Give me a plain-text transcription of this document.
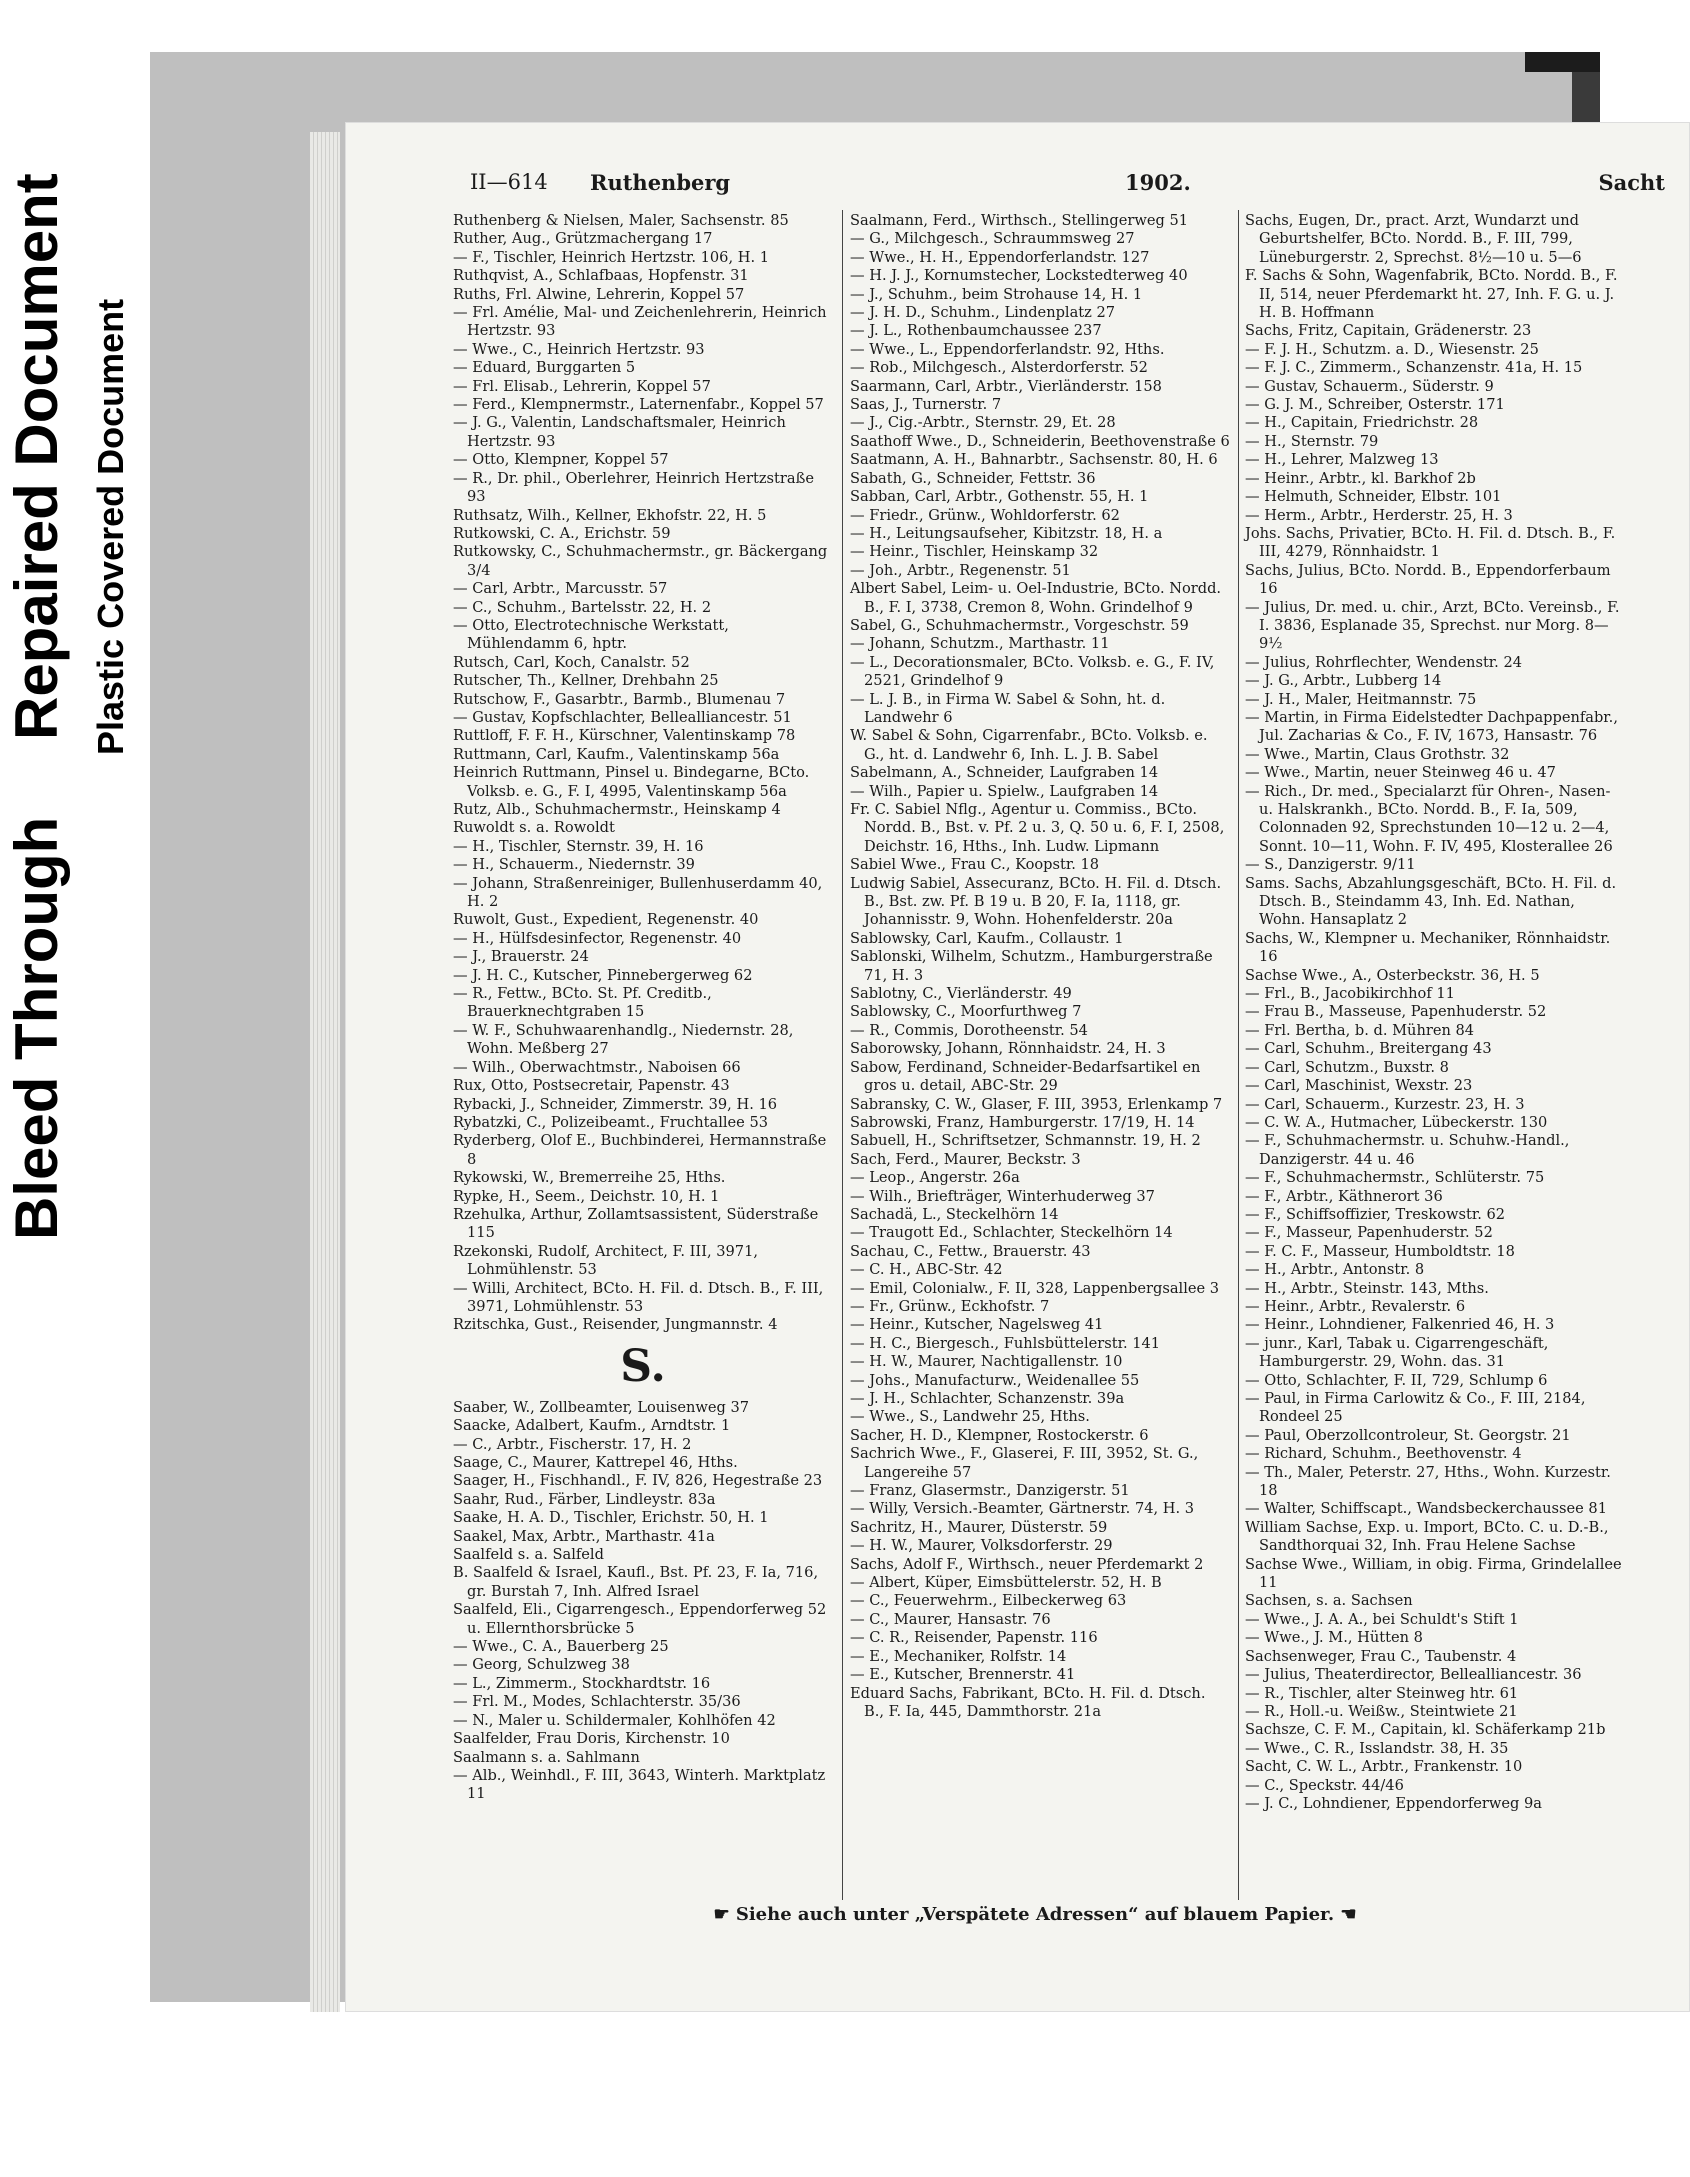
Bleed Through
Repaired Document Plastic Covered Document
II—614 Ruthenberg	1902.	Sacht

Ruthenberg & Nielsen, Maler, Sachsenstr. 85

Ruther, Aug., Grützmachergang 17

— F., Tischler, Heinrich Hertzstr. 106, H. 1

Ruthqvist, A., Schlafbaas, Hopfenstr. 31

Ruths, Frl. Alwine, Lehrerin, Koppel 57

— Frl. Amélie, Mal- und Zeichenlehrerin, Heinrich Hertzstr. 93

— Wwe., C., Heinrich Hertzstr. 93

— Eduard, Burggarten 5

— Frl. Elisab., Lehrerin, Koppel 57

— Ferd., Klempnermstr., Laternenfabr., Koppel 57

— J. G., Valentin, Landschaftsmaler, Heinrich Hertzstr. 93

— Otto, Klempner, Koppel 57

— R., Dr. phil., Oberlehrer, Heinrich Hertzstraße 93

Ruthsatz, Wilh., Kellner, Ekhofstr. 22, H. 5

Rutkowski, C. A., Erichstr. 59

Rutkowsky, C., Schuhmachermstr., gr. Bäckergang 3/4

— Carl, Arbtr., Marcusstr. 57

— C., Schuhm., Bartelsstr. 22, H. 2

— Otto, Electrotechnische Werkstatt, Mühlendamm 6, hptr.

Rutsch, Carl, Koch, Canalstr. 52

Rutscher, Th., Kellner, Drehbahn 25

Rutschow, F., Gasarbtr., Barmb., Blumenau 7

— Gustav, Kopfschlachter, Bellealliancestr. 51

Ruttloff, F. F. H., Kürschner, Valentinskamp 78

Ruttmann, Carl, Kaufm., Valentinskamp 56a

Heinrich Ruttmann, Pinsel u. Bindegarne, BCto. Volksb. e. G., F. I, 4995, Valentinskamp 56a

Rutz, Alb., Schuhmachermstr., Heinskamp 4

Ruwoldt s. a. Rowoldt

— H., Tischler, Sternstr. 39, H. 16

— H., Schauerm., Niedernstr. 39

— Johann, Straßenreiniger, Bullenhuserdamm 40, H. 2

Ruwolt, Gust., Expedient, Regenenstr. 40

— H., Hülfsdesinfector, Regenenstr. 40

— J., Brauerstr. 24

— J. H. C., Kutscher, Pinnebergerweg 62

— R., Fettw., BCto. St. Pf. Creditb., Brauerknechtgraben 15

— W. F., Schuhwaarenhandlg., Niedernstr. 28, Wohn. Meßberg 27

— Wilh., Oberwachtmstr., Naboisen 66

Rux, Otto, Postsecretair, Papenstr. 43

Rybacki, J., Schneider, Zimmerstr. 39, H. 16

Rybatzki, C., Polizeibeamt., Fruchtallee 53

Ryderberg, Olof E., Buchbinderei, Hermannstraße 8

Rykowski, W., Bremerreihe 25, Hths.

Rypke, H., Seem., Deichstr. 10, H. 1

Rzehulka, Arthur, Zollamtsassistent, Süderstraße 115

Rzekonski, Rudolf, Architect, F. III, 3971, Lohmühlenstr. 53

— Willi, Architect, BCto. H. Fil. d. Dtsch. B., F. III, 3971, Lohmühlenstr. 53

Rzitschka, Gust., Reisender, Jungmannstr. 4

S.

Saaber, W., Zollbeamter, Louisenweg 37

Saacke, Adalbert, Kaufm., Arndtstr. 1

— C., Arbtr., Fischerstr. 17, H. 2

Saage, C., Maurer, Kattrepel 46, Hths.

Saager, H., Fischhandl., F. IV, 826, Hegestraße 23

Saahr, Rud., Färber, Lindleystr. 83a

Saake, H. A. D., Tischler, Erichstr. 50, H. 1

Saakel, Max, Arbtr., Marthastr. 41a

Saalfeld s. a. Salfeld

B. Saalfeld & Israel, Kaufl., Bst. Pf. 23, F. Ia, 716, gr. Burstah 7, Inh. Alfred Israel

Saalfeld, Eli., Cigarrengesch., Eppendorferweg 52 u. Ellernthorsbrücke 5

— Wwe., C. A., Bauerberg 25

— Georg, Schulzweg 38

— L., Zimmerm., Stockhardtstr. 16

— Frl. M., Modes, Schlachterstr. 35/36

— N., Maler u. Schildermaler, Kohlhöfen 42

Saalfelder, Frau Doris, Kirchenstr. 10

Saalmann s. a. Sahlmann

— Alb., Weinhdl., F. III, 3643, Winterh. Marktplatz 11

Saalmann, Ferd., Wirthsch., Stellingerweg 51

— G., Milchgesch., Schraummsweg 27

— Wwe., H. H., Eppendorferlandstr. 127

— H. J. J., Kornumstecher, Lockstedterweg 40

— J., Schuhm., beim Strohause 14, H. 1

— J. H. D., Schuhm., Lindenplatz 27

— J. L., Rothenbaumchaussee 237

— Wwe., L., Eppendorferlandstr. 92, Hths.

— Rob., Milchgesch., Alsterdorferstr. 52

Saarmann, Carl, Arbtr., Vierländerstr. 158

Saas, J., Turnerstr. 7

— J., Cig.-Arbtr., Sternstr. 29, Et. 28

Saathoff Wwe., D., Schneiderin, Beethovenstraße 6

Saatmann, A. H., Bahnarbtr., Sachsenstr. 80, H. 6

Sabath, G., Schneider, Fettstr. 36

Sabban, Carl, Arbtr., Gothenstr. 55, H. 1

— Friedr., Grünw., Wohldorferstr. 62

— H., Leitungsaufseher, Kibitzstr. 18, H. a

— Heinr., Tischler, Heinskamp 32

— Joh., Arbtr., Regenenstr. 51

Albert Sabel, Leim- u. Oel-Industrie, BCto. Nordd. B., F. I, 3738, Cremon 8, Wohn. Grindelhof 9

Sabel, G., Schuhmachermstr., Vorgeschstr. 59

— Johann, Schutzm., Marthastr. 11

— L., Decorationsmaler, BCto. Volksb. e. G., F. IV, 2521, Grindelhof 9

— L. J. B., in Firma W. Sabel & Sohn, ht. d. Landwehr 6

W. Sabel & Sohn, Cigarrenfabr., BCto. Volksb. e. G., ht. d. Landwehr 6, Inh. L. J. B. Sabel

Sabelmann, A., Schneider, Laufgraben 14

— Wilh., Papier u. Spielw., Laufgraben 14

Fr. C. Sabiel Nflg., Agentur u. Commiss., BCto. Nordd. B., Bst. v. Pf. 2 u. 3, Q. 50 u. 6, F. I, 2508, Deichstr. 16, Hths., Inh. Ludw. Lipmann

Sabiel Wwe., Frau C., Koopstr. 18

Ludwig Sabiel, Assecuranz, BCto. H. Fil. d. Dtsch. B., Bst. zw. Pf. B 19 u. B 20, F. Ia, 1118, gr. Johannisstr. 9, Wohn. Hohenfelderstr. 20a

Sablowsky, Carl, Kaufm., Collaustr. 1

Sablonski, Wilhelm, Schutzm., Hamburgerstraße 71, H. 3

Sablotny, C., Vierländerstr. 49

Sablowsky, C., Moorfurthweg 7

— R., Commis, Dorotheenstr. 54

Saborowsky, Johann, Rönnhaidstr. 24, H. 3

Sabow, Ferdinand, Schneider-Bedarfsartikel en gros u. detail, ABC-Str. 29

Sabransky, C. W., Glaser, F. III, 3953, Erlenkamp 7

Sabrowski, Franz, Hamburgerstr. 17/19, H. 14

Sabuell, H., Schriftsetzer, Schmannstr. 19, H. 2

Sach, Ferd., Maurer, Beckstr. 3

— Leop., Angerstr. 26a

— Wilh., Briefträger, Winterhuderweg 37

Sachadä, L., Steckelhörn 14

— Traugott Ed., Schlachter, Steckelhörn 14

Sachau, C., Fettw., Brauerstr. 43

— C. H., ABC-Str. 42

— Emil, Colonialw., F. II, 328, Lappenbergsallee 3

— Fr., Grünw., Eckhofstr. 7

— Heinr., Kutscher, Nagelsweg 41

— H. C., Biergesch., Fuhlsbüttelerstr. 141

— H. W., Maurer, Nachtigallenstr. 10

— Johs., Manufacturw., Weidenallee 55

— J. H., Schlachter, Schanzenstr. 39a

— Wwe., S., Landwehr 25, Hths.

Sacher, H. D., Klempner, Rostockerstr. 6

Sachrich Wwe., F., Glaserei, F. III, 3952, St. G., Langereihe 57

— Franz, Glasermstr., Danzigerstr. 51

— Willy, Versich.-Beamter, Gärtnerstr. 74, H. 3

Sachritz, H., Maurer, Düsterstr. 59

— H. W., Maurer, Volksdorferstr. 29

Sachs, Adolf F., Wirthsch., neuer Pferdemarkt 2

— Albert, Küper, Eimsbüttelerstr. 52, H. B

— C., Feuerwehrm., Eilbeckerweg 63

— C., Maurer, Hansastr. 76

— C. R., Reisender, Papenstr. 116

— E., Mechaniker, Rolfstr. 14

— E., Kutscher, Brennerstr. 41

Eduard Sachs, Fabrikant, BCto. H. Fil. d. Dtsch. B., F. Ia, 445, Dammthorstr. 21a

Sachs, Eugen, Dr., pract. Arzt, Wundarzt und Geburtshelfer, BCto. Nordd. B., F. III, 799, Lüneburgerstr. 2, Sprechst. 8½—10 u. 5—6

F. Sachs & Sohn, Wagenfabrik, BCto. Nordd. B., F. II, 514, neuer Pferdemarkt ht. 27, Inh. F. G. u. J. H. B. Hoffmann

Sachs, Fritz, Capitain, Grädenerstr. 23

— F. J. H., Schutzm. a. D., Wiesenstr. 25

— F. J. C., Zimmerm., Schanzenstr. 41a, H. 15

— Gustav, Schauerm., Süderstr. 9

— G. J. M., Schreiber, Osterstr. 171

— H., Capitain, Friedrichstr. 28

— H., Sternstr. 79

— H., Lehrer, Malzweg 13

— Heinr., Arbtr., kl. Barkhof 2b

— Helmuth, Schneider, Elbstr. 101

— Herm., Arbtr., Herderstr. 25, H. 3

Johs. Sachs, Privatier, BCto. H. Fil. d. Dtsch. B., F. III, 4279, Rönnhaidstr. 1

Sachs, Julius, BCto. Nordd. B., Eppendorferbaum 16

— Julius, Dr. med. u. chir., Arzt, BCto. Vereinsb., F. I. 3836, Esplanade 35, Sprechst. nur Morg. 8—9½

— Julius, Rohrflechter, Wendenstr. 24

— J. G., Arbtr., Lubberg 14

— J. H., Maler, Heitmannstr. 75

— Martin, in Firma Eidelstedter Dachpappenfabr., Jul. Zacharias & Co., F. IV, 1673, Hansastr. 76

— Wwe., Martin, Claus Grothstr. 32

— Wwe., Martin, neuer Steinweg 46 u. 47

— Rich., Dr. med., Specialarzt für Ohren-, Nasen- u. Halskrankh., BCto. Nordd. B., F. Ia, 509, Colonnaden 92, Sprechstunden 10—12 u. 2—4, Sonnt. 10—11, Wohn. F. IV, 495, Klosterallee 26

— S., Danzigerstr. 9/11

Sams. Sachs, Abzahlungsgeschäft, BCto. H. Fil. d. Dtsch. B., Steindamm 43, Inh. Ed. Nathan, Wohn. Hansaplatz 2

Sachs, W., Klempner u. Mechaniker, Rönnhaidstr. 16

Sachse Wwe., A., Osterbeckstr. 36, H. 5

— Frl., B., Jacobikirchhof 11

— Frau B., Masseuse, Papenhuderstr. 52

— Frl. Bertha, b. d. Mühren 84

— Carl, Schuhm., Breitergang 43

— Carl, Schutzm., Buxstr. 8

— Carl, Maschinist, Wexstr. 23

— Carl, Schauerm., Kurzestr. 23, H. 3

— C. W. A., Hutmacher, Lübeckerstr. 130

— F., Schuhmachermstr. u. Schuhw.-Handl., Danzigerstr. 44 u. 46

— F., Schuhmachermstr., Schlüterstr. 75

— F., Arbtr., Käthnerort 36

— F., Schiffsoffizier, Treskowstr. 62

— F., Masseur, Papenhuderstr. 52

— F. C. F., Masseur, Humboldtstr. 18

— H., Arbtr., Antonstr. 8

— H., Arbtr., Steinstr. 143, Mths.

— Heinr., Arbtr., Revalerstr. 6

— Heinr., Lohndiener, Falkenried 46, H. 3

— junr., Karl, Tabak u. Cigarrengeschäft, Hamburgerstr. 29, Wohn. das. 31

— Otto, Schlachter, F. II, 729, Schlump 6

— Paul, in Firma Carlowitz & Co., F. III, 2184, Rondeel 25

— Paul, Oberzollcontroleur, St. Georgstr. 21

— Richard, Schuhm., Beethovenstr. 4

— Th., Maler, Peterstr. 27, Hths., Wohn. Kurzestr. 18

— Walter, Schiffscapt., Wandsbeckerchaussee 81

William Sachse, Exp. u. Import, BCto. C. u. D.-B., Sandthorquai 32, Inh. Frau Helene Sachse

Sachse Wwe., William, in obig. Firma, Grindelallee 11

Sachsen, s. a. Sachsen

— Wwe., J. A. A., bei Schuldt's Stift 1

— Wwe., J. M., Hütten 8

Sachsenweger, Frau C., Taubenstr. 4

— Julius, Theaterdirector, Bellealliancestr. 36

— R., Tischler, alter Steinweg htr. 61

— R., Holl.-u. Weißw., Steintwiete 21

Sachsze, C. F. M., Capitain, kl. Schäferkamp 21b

— Wwe., C. R., Isslandstr. 38, H. 35

Sacht, C. W. L., Arbtr., Frankenstr. 10

— C., Speckstr. 44/46

— J. C., Lohndiener, Eppendorferweg 9a

☛ Siehe auch unter „Verspätete Adressen“ auf blauem Papier. ☚
